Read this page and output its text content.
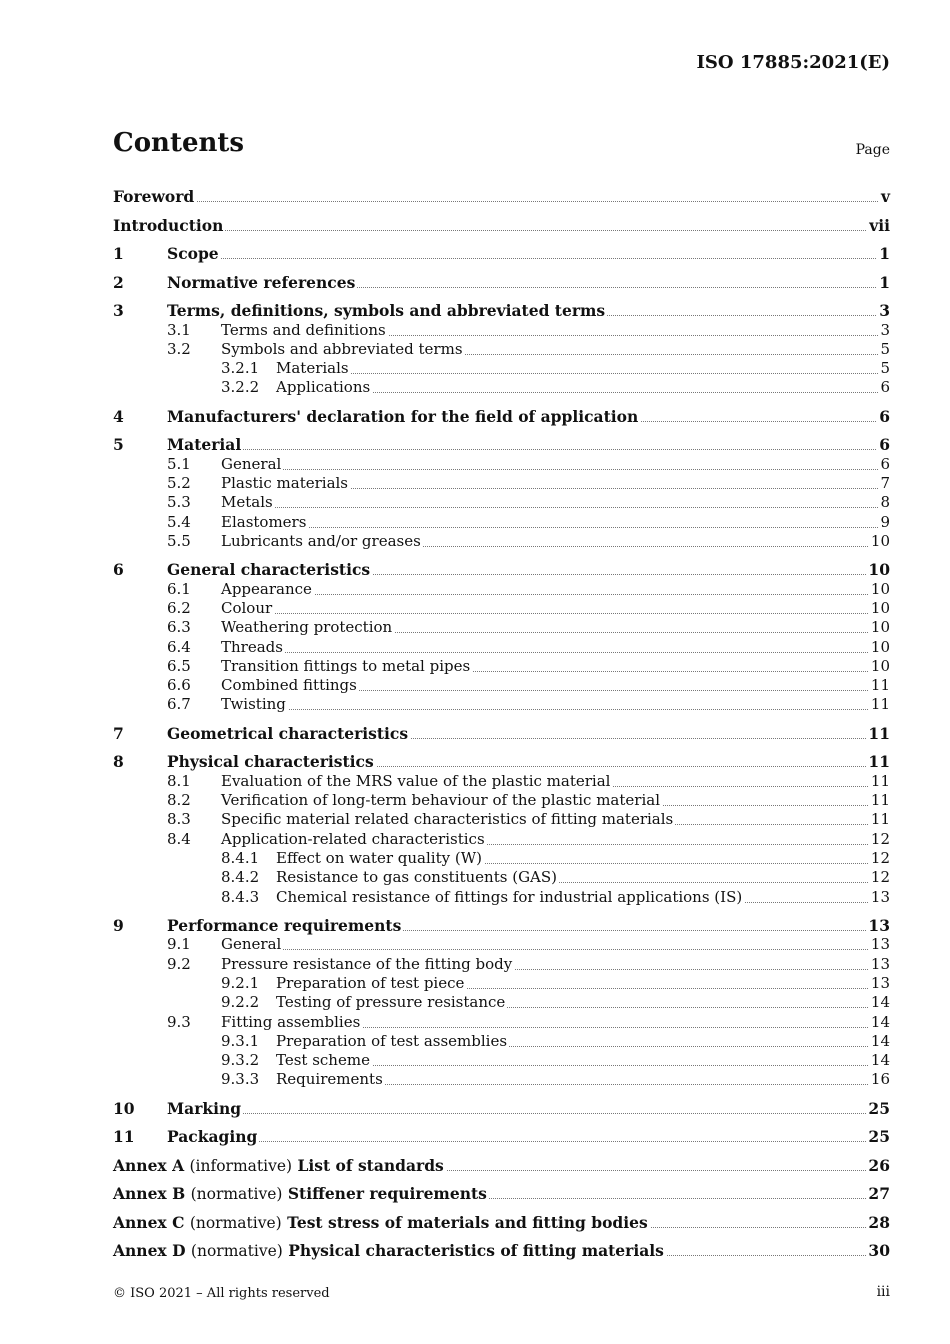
ISO 17885:2021(E)
Contents	Page
Foreword	v
Introduction	vii
1	Scope	1
2	Normative references	1
3	Terms, definitions, symbols and abbreviated terms	3
3.1 Terms and definitions	3
3.2 Symbols and abbreviated terms	5
3.2.1 Materials	5
3.2.2 Applications	6
4	Manufacturers' declaration for the field of application	6
5	Material	6
5.1 General	6
5.2 Plastic materials	7
5.3 Metals	8
5.4 Elastomers	9
5.5 Lubricants and/or greases	10
6	General characteristics	10
6.1 Appearance	10
6.2 Colour	10
6.3 Weathering protection	10
6.4 Threads	10
6.5 Transition fittings to metal pipes	10
6.6 Combined fittings	11
6.7 Twisting	11
7	Geometrical characteristics	11
8	Physical characteristics	11
8.1 Evaluation of the MRS value of the plastic material	11
8.2 Verification of long-term behaviour of the plastic material	11
8.3 Specific material related characteristics of fitting materials	11
8.4 Application-related characteristics	12
8.4.1 Effect on water quality (W)	12
8.4.2 Resistance to gas constituents (GAS)	12
8.4.3 Chemical resistance of fittings for industrial applications (IS)	13
9	Performance requirements	13
9.1 General	13
9.2 Pressure resistance of the fitting body	13
9.2.1 Preparation of test piece	13
9.2.2 Testing of pressure resistance	14
9.3 Fitting assemblies	14
9.3.1 Preparation of test assemblies	14
9.3.2 Test scheme	14
9.3.3 Requirements	16
10 Marking	25
11 Packaging	25
Annex A (informative) List of standards	26
Annex B (normative) Stiffener requirements	27
Annex C (normative) Test stress of materials and fitting bodies	28
Annex D (normative) Physical characteristics of fitting materials	30
© ISO 2021 – All rights reserved	iii
